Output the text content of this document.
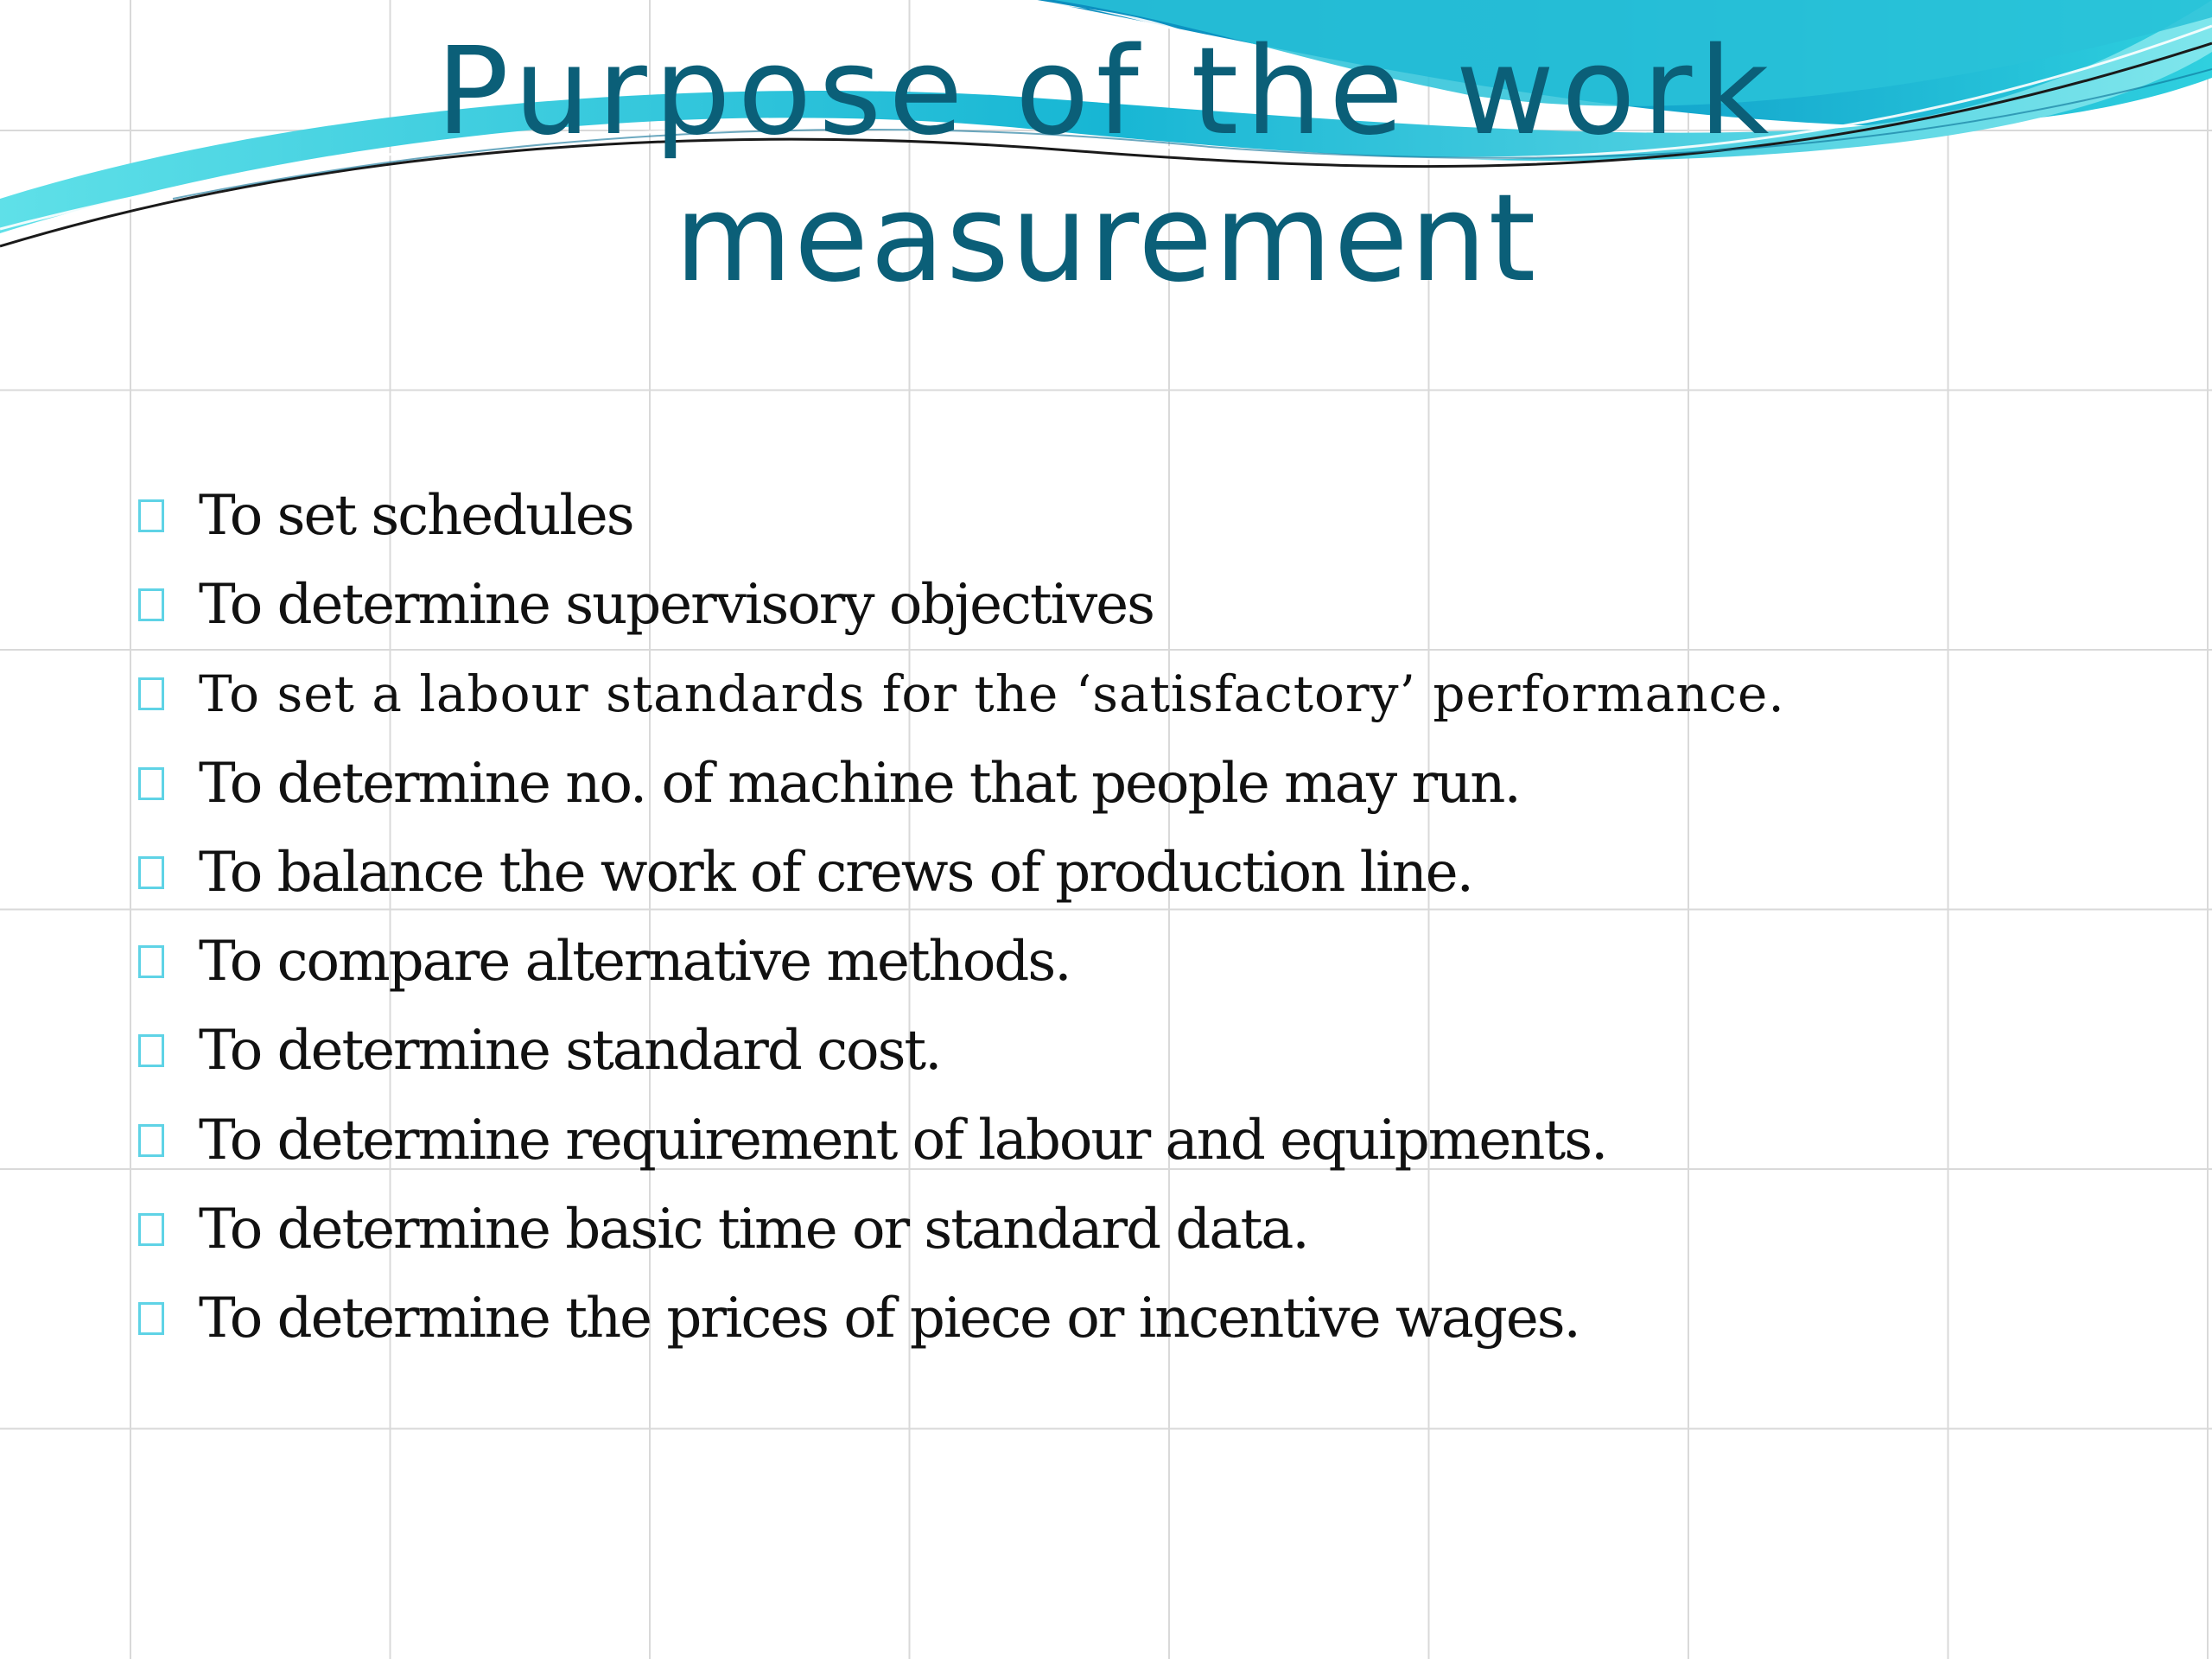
Purpose of the work
measurement
To set schedules
To determine supervisory objectives
To set a labour standards for the ‘satisfactory’ performance.
To determine no. of machine that people may run.
To balance the work of crews of production line.
To compare alternative methods.
To determine standard cost.
To determine requirement of labour and equipments.
To determine basic time or standard data.
To determine the prices of piece or incentive wages.
